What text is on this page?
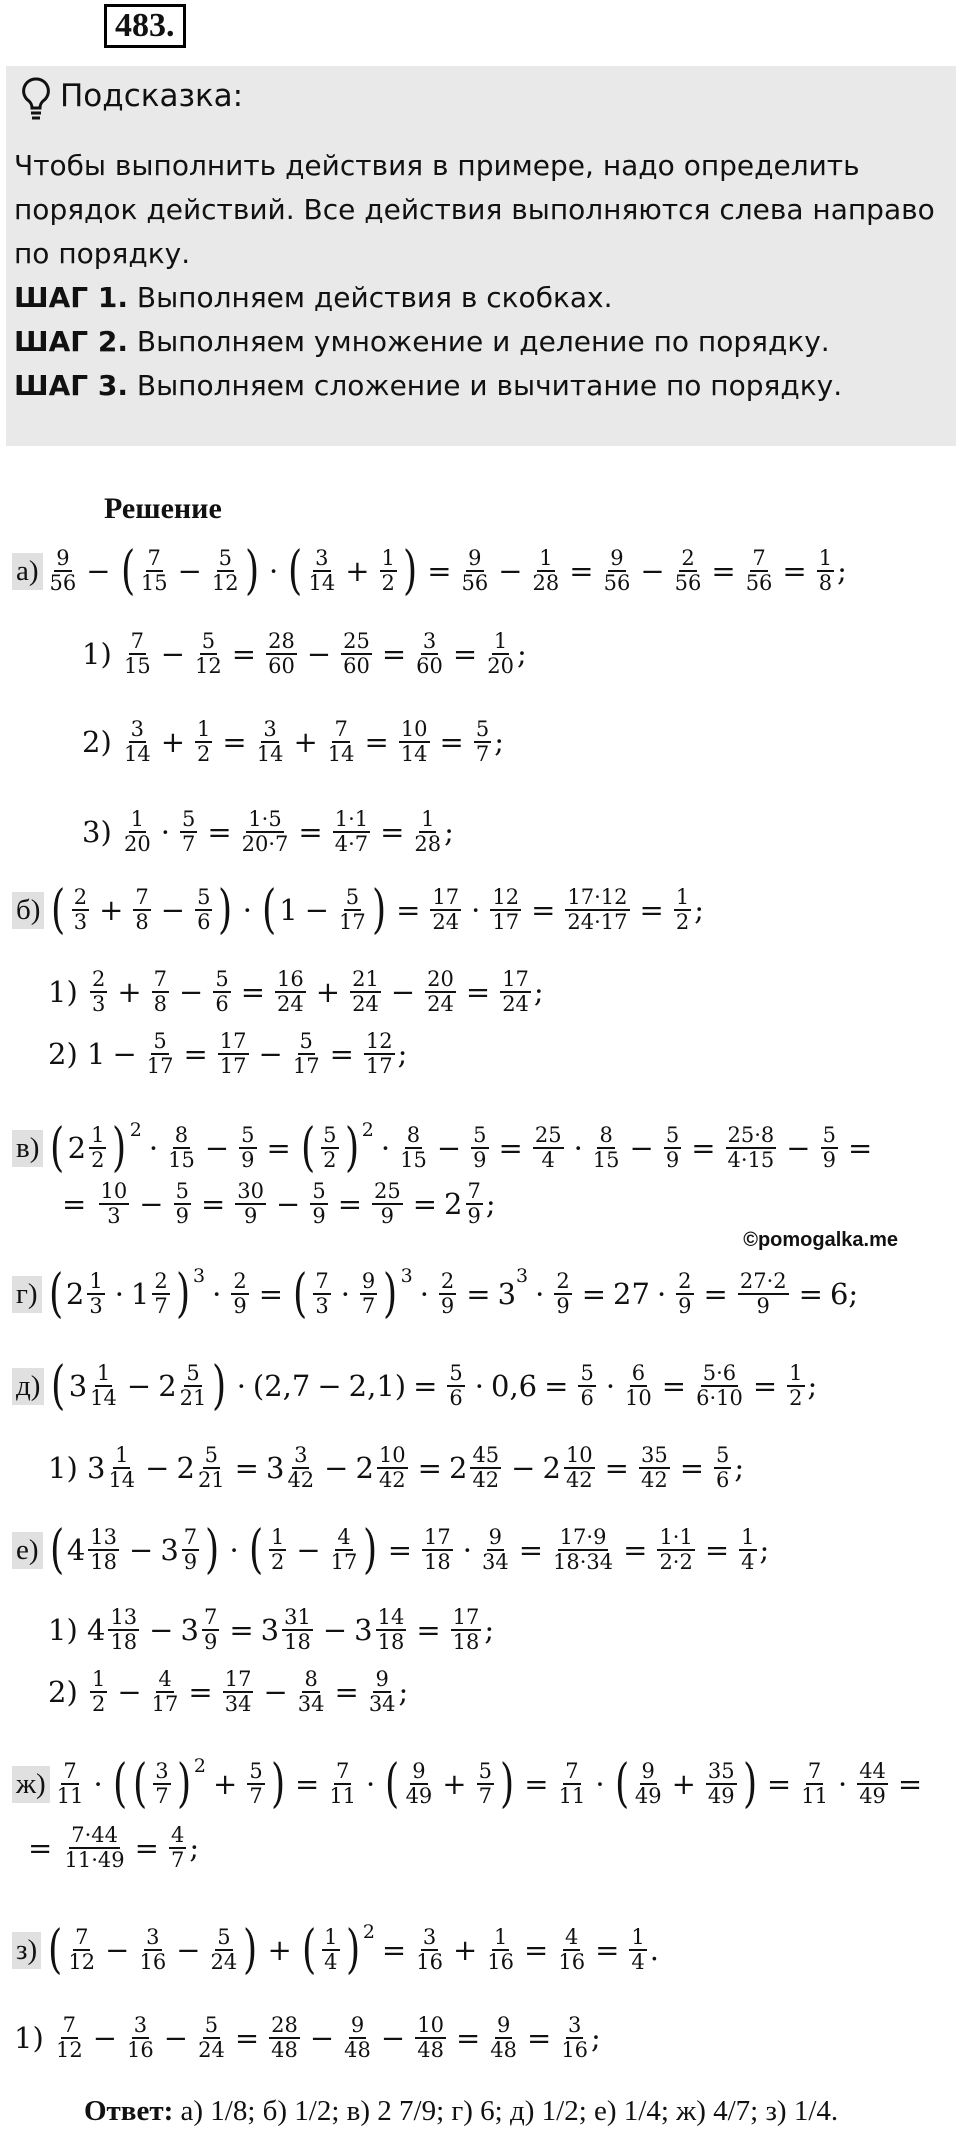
483.
Подсказка:
Чтобы выполнить действия в примере, надо определить порядок действий. Все действия выполняются слева направо по порядку.
ШАГ 1. Выполняем действия в скобках.
ШАГ 2. Выполняем умножение и деление по порядку.
ШАГ 3. Выполняем сложение и вычитание по порядку.
Решение
а) 9
56 − ( 7
$15 - \frac{5}{12}$ ) · ( 3
$14 + \frac{1}{2}$ ) = $\frac{9}{56} - \frac{1}{28} = \frac{9}{56} - \frac{2}{56} = \frac{7}{56} = \frac{1}{8}$ ;
1) 7
$15 - \frac{5}{12} = \frac{28}{60} - \frac{25}{60} = \frac{3}{60} = \frac{1}{20}$ ;
2) 3
$14 + \frac{1}{2} = \frac{3}{14} + \frac{7}{14} = \frac{10}{14} = \frac{5}{7}$ ;
3) 1
$20 \cdot \frac{5}{7} = \frac{1\cdot 5}{20\cdot 7} = \frac{1\cdot 1}{4\cdot 7} = \frac{1}{28}$ ;
б) ( 2
$3 + \frac{7}{8} - \frac{5}{6}$ ) · ( $1 - \frac{5}{17}$ ) = $\frac{17}{24} \cdot \frac{12}{17} = \frac{17\cdot 12}{24\cdot 17} = \frac{1}{2}$ ;
1) 2
$3 + \frac{7}{8} - \frac{5}{6} = \frac{16}{24} + \frac{21}{24} - \frac{20}{24} = \frac{17}{24}$ ;
2) $1 - \frac{5}{17} = \frac{17}{17} - \frac{5}{17} = \frac{12}{17}$ ;
в) ( 2 1
2 ) 2
· 8
$15 - \frac{5}{9}$ = ( 5
2 ) 2
· 8
$15 - \frac{5}{9} = \frac{25}{4} \cdot 8$
$15 - \frac{5}{9} = \frac{25\cdot 8}{4\cdot 15} - \frac{5}{9}$ =
= 10
$3 - \frac{5}{9} = \frac{30}{9} - \frac{5}{9} = \frac{25}{9} = 2 \frac{7}{9}$ ;
©pomogalka.me
г) ( 2 1
3 · 1 2
7 ) 3
· $\frac{2}{9}$ = ( 7
3 · 9
7 ) 3
· $\frac{2}{9} = 3$
3
· $\frac{2}{9} = 27 \cdot \frac{2}{9} = \frac{27\cdot 2}{9} = 6$;
д) ( 3 1
$14 - 2 \frac{5}{21}$ ) · $(2,7 - 2,1) = \frac{5}{6} \cdot 0,6 = \frac{5}{6} \cdot \frac{6}{10} = \frac{5\cdot 6}{6\cdot 10} = \frac{1}{2}$ ;
1) 3 1
$14 - 2 \frac{5}{21} = 3 \frac{3}{42} - 2 \frac{10}{42} = 2 \frac{45}{42} - 2 \frac{10}{42} = \frac{35}{42} = \frac{5}{6}$ ;
е) ( 4 13
$18 - 3 \frac{7}{9}$ ) · ( 1
$2 - \frac{4}{17}$ ) = $\frac{17}{18} \cdot \frac{9}{34} = \frac{17\cdot 9}{18\cdot 34} = \frac{1\cdot 1}{2\cdot 2} = \frac{1}{4}$ ;
1) 4 13
$18 - 3 \frac{7}{9} = 3 \frac{31}{18} - 3 \frac{14}{18} = \frac{17}{18}$ ;
2) 1
$2 - \frac{4}{17} = \frac{17}{34} - \frac{8}{34} = \frac{9}{34}$ ;
ж) 7
11 · ( ( 3
7 ) 2
+ $\frac{5}{7}$ ) = $\frac{7}{11}$ · ( 9
$49 + \frac{5}{7}$ ) = $\frac{7}{11}$ · ( 9
$49 + \frac{35}{49}$ ) = $\frac{7}{11} \cdot \frac{44}{49}$ =
= $\frac{7\cdot 44}{11\cdot 49} = \frac{4}{7}$ ;
з) ( 7
$12 - \frac{3}{16} - \frac{5}{24}$ ) + ( 1
4 ) 2
= $\frac{3}{16} + \frac{1}{16} = \frac{4}{16} = \frac{1}{4}$ .
1) 7
$12 - \frac{3}{16} - \frac{5}{24} = \frac{28}{48} - \frac{9}{48} - \frac{10}{48} = \frac{9}{48} = \frac{3}{16}$ ;
Ответ: а) 1/8; б) 1/2; в) 2 7/9; г) 6; д) 1/2; е) 1/4; ж) 4/7; з) 1/4.
